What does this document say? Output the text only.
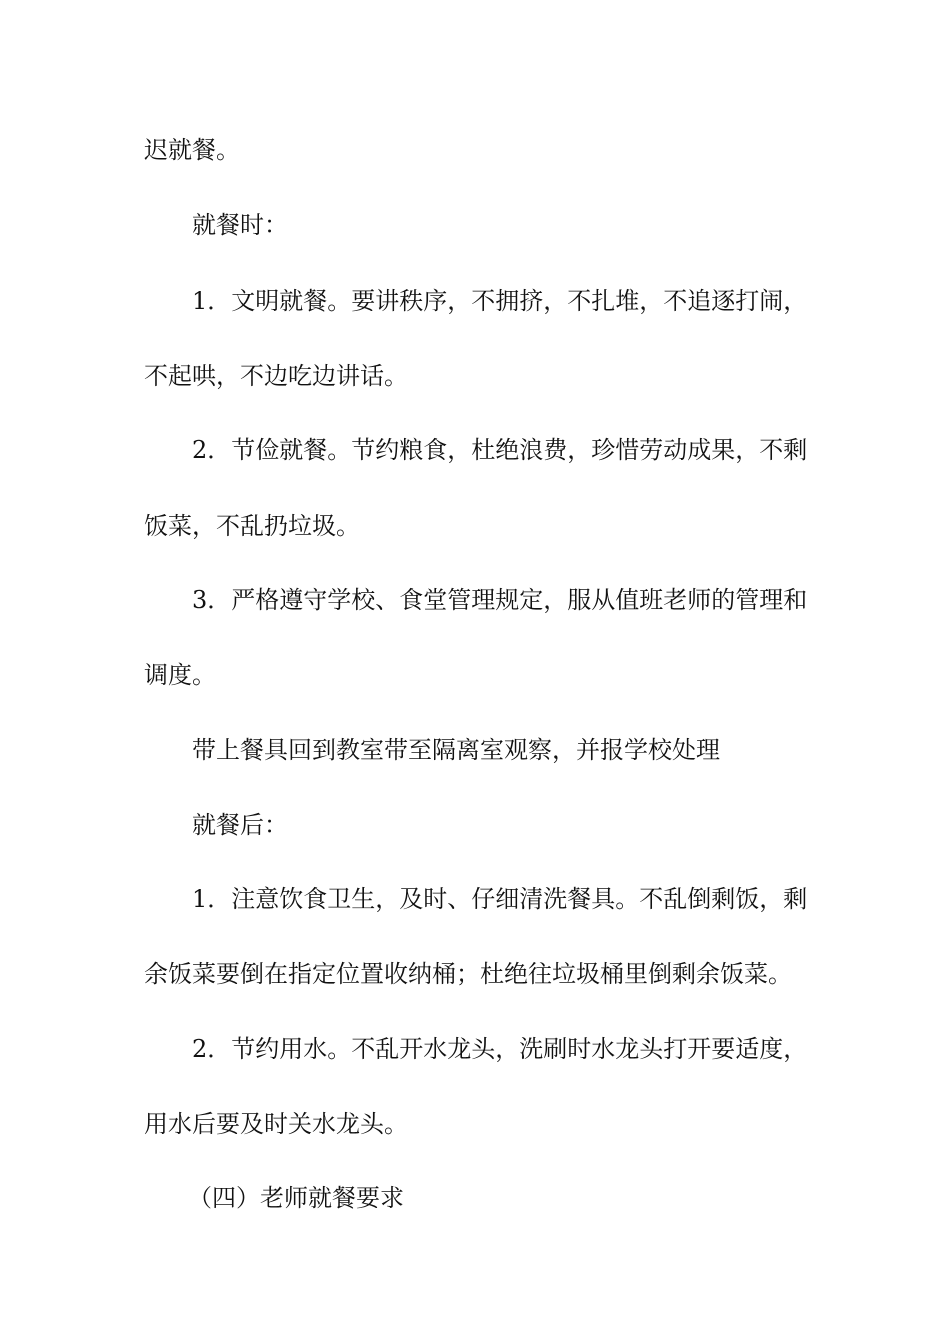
迟就餐。
就餐时：
1．文明就餐。要讲秩序，不拥挤，不扎堆，不追逐打闹，
不起哄，不边吃边讲话。
2．节俭就餐。节约粮食，杜绝浪费，珍惜劳动成果，不剩
饭菜，不乱扔垃圾。
3．严格遵守学校、食堂管理规定，服从值班老师的管理和
调度。
带上餐具回到教室带至隔离室观察，并报学校处理
就餐后：
1．注意饮食卫生，及时、仔细清洗餐具。不乱倒剩饭，剩
余饭菜要倒在指定位置收纳桶；杜绝往垃圾桶里倒剩余饭菜。
2．节约用水。不乱开水龙头，洗刷时水龙头打开要适度，
用水后要及时关水龙头。
（四）老师就餐要求
